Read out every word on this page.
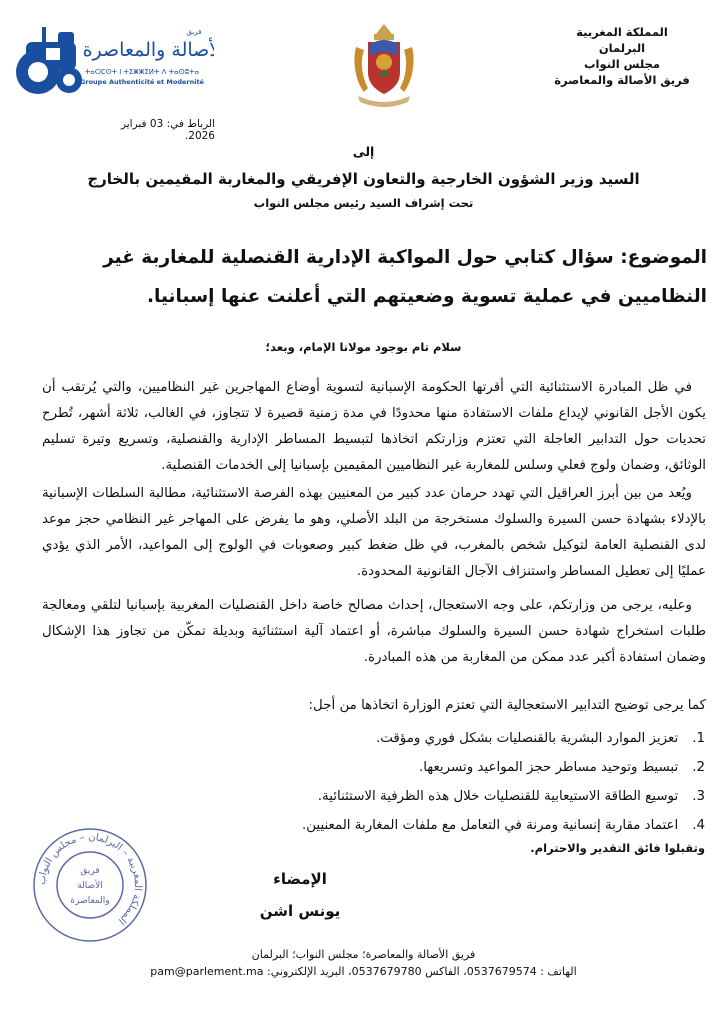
المملكة المغربية
البرلمان
مجلس النواب
فريق الأصالة والمعاصرة
الأصالة والمعاصرة
فريق
ⵜⴰⵔⵎⵙⵜ ⵏ ⵜⵉⵥⵥⵉⵍⵜ ⴷ ⵜⴰⵙⵓⵜⴰ
Groupe Authenticité et Modernité
الرباط في: 03 فبراير 2026.
إلى
السيد وزير الشؤون الخارجية والتعاون الإفريقي والمغاربة المقيمين بالخارج
تحت إشراف السيد رئيس مجلس النواب
الموضوع: سؤال كتابي حول المواكبة الإدارية القنصلية للمغاربة غير النظاميين في عملية تسوية وضعيتهم التي أعلنت عنها إسبانيا.
سلام تام بوجود مولانا الإمام، وبعد؛
في ظل المبادرة الاستثنائية التي أقرتها الحكومة الإسبانية لتسوية أوضاع المهاجرين غير النظاميين، والتي يُرتقب أن يكون الأجل القانوني لإيداع ملفات الاستفادة منها محدودًا في مدة زمنية قصيرة لا تتجاوز، في الغالب، ثلاثة أشهر، تُطرح تحديات حول التدابير العاجلة التي تعتزم وزارتكم اتخاذها لتبسيط المساطر الإدارية والقنصلية، وتسريع وتيرة تسليم الوثائق، وضمان ولوج فعلي وسلس للمغاربة غير النظاميين المقيمين بإسبانيا إلى الخدمات القنصلية.
ويُعد من بين أبرز العراقيل التي تهدد حرمان عدد كبير من المعنيين بهذه الفرصة الاستثنائية، مطالبة السلطات الإسبانية بالإدلاء بشهادة حسن السيرة والسلوك مستخرجة من البلد الأصلي، وهو ما يفرض على المهاجر غير النظامي حجز موعد لدى القنصلية العامة لتوكيل شخص بالمغرب، في ظل ضغط كبير وصعوبات في الولوج إلى المواعيد، الأمر الذي يؤدي عمليًا إلى تعطيل المساطر واستنزاف الآجال القانونية المحدودة.
وعليه، يرجى من وزارتكم، على وجه الاستعجال، إحداث مصالح خاصة داخل القنصليات المغربية بإسبانيا لتلقي ومعالجة طلبات استخراج شهادة حسن السيرة والسلوك مباشرة، أو اعتماد آلية استثنائية وبديلة تمكّن من تجاوز هذا الإشكال وضمان استفادة أكبر عدد ممكن من المغاربة من هذه المبادرة.
كما يرجى توضيح التدابير الاستعجالية التي تعتزم الوزارة اتخاذها من أجل:
1.
تعزيز الموارد البشرية بالقنصليات بشكل فوري ومؤقت.
2.
تبسيط وتوحيد مساطر حجز المواعيد وتسريعها.
3.
توسيع الطاقة الاستيعابية للقنصليات خلال هذه الظرفية الاستثنائية.
4.
اعتماد مقاربة إنسانية ومرنة في التعامل مع ملفات المغاربة المعنيين.
وتقبلوا فائق التقدير والاحترام.
الإمضاء
يونس اشن
المملكة المغربية – البرلمان – مجلس النواب
فريق
الأصالة
والمعاصرة
فريق الأصالة والمعاصرة؛ مجلس النواب؛ البرلمان
الهاتف : 0537679574، الفاكس 0537679780، البريد الإلكتروني: pam@parlement.ma
